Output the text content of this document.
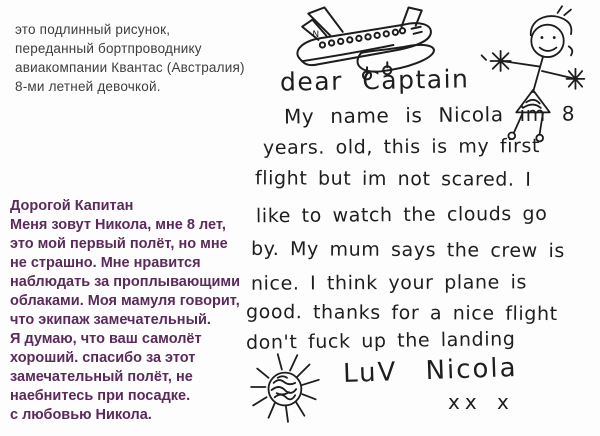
это подлинный рисунок,
переданный бортпроводнику
авиакомпании Квантас (Австралия)
8-ми летней девочкой.
Дорогой Капитан
Меня зовут Никола, мне 8 лет,
это мой первый полёт, но мне
не страшно. Мне нравится
наблюдать за проплывающими
облаками. Моя мамуля говорит,
что экипаж замечательный.
Я думаю, что ваш самолёт
хороший. спасибо за этот
замечательный полёт, не
наебнитесь при посадке.
с любовью Никола.
N
dear Captain
My name is Nicola im 8
years. old, this is my first
flight but im not scared. I
like to watch the clouds go
by. My mum says the crew is
nice. I think your plane is
good. thanks for a nice flight
don't fuck up the landing
LuV Nicola
xx x
